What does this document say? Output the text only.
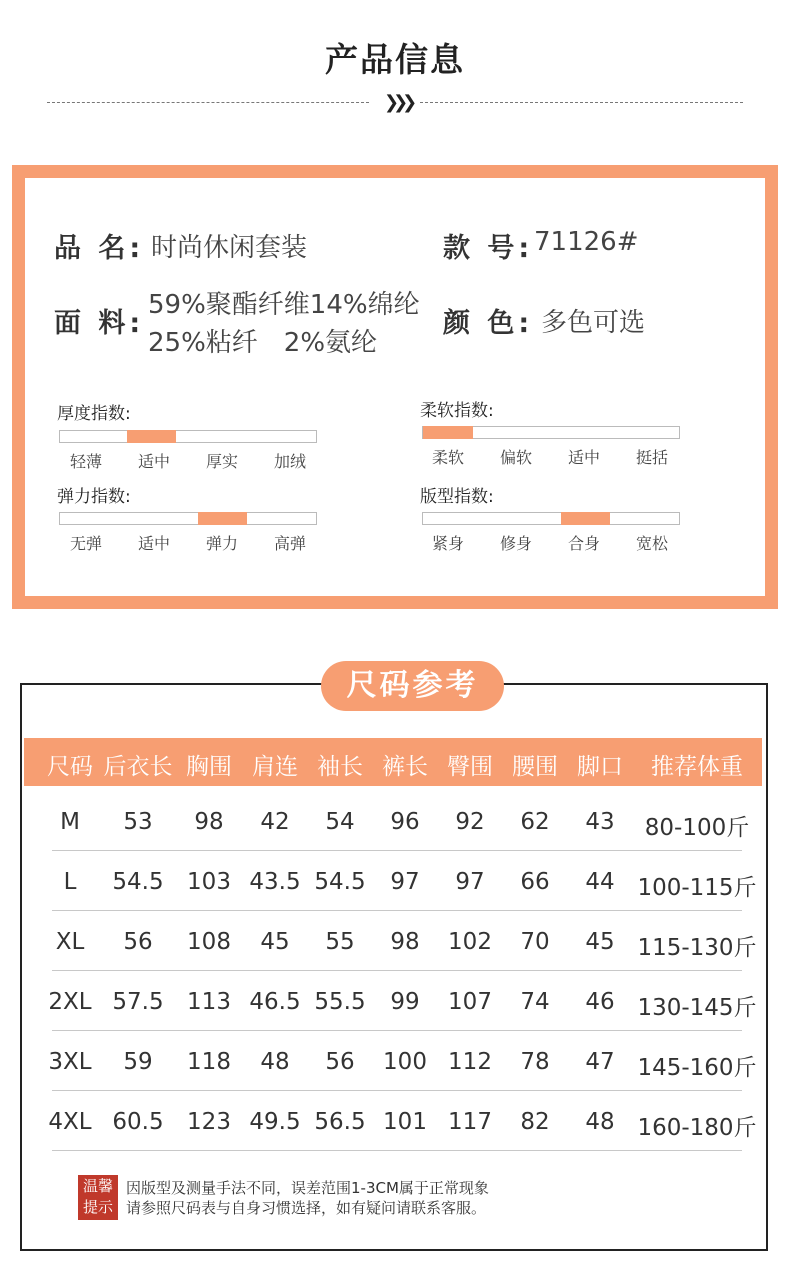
产品信息
❯❯❯
品 名: 时尚休闲套装	款 号: 71126#
面 料:
59%聚酯纤维14%绵纶
25%粘纤　2%氨纶
颜 色: 多色可选
厚度指数:
轻薄	适中	厚实	加绒
柔软指数:
柔软	偏软	适中	挺括
弹力指数:
无弹	适中	弹力	高弹
版型指数:
紧身	修身	合身	宽松
尺码参考
尺码 后衣长 胸围 肩连 袖长 裤长 臀围 腰围 脚口 推荐体重
M 53 98 42 54 96 92 62 43 80-100斤
L 54.5 103 43.5 54.5 97 97 66 44 100-115斤
XL 56 108 45 55 98 102 70 45 115-130斤
2XL 57.5 113 46.5 55.5 99 107 74 46 130-145斤
3XL 59 118 48 56 100 112 78 47 145-160斤
4XL 60.5 123 49.5 56.5 101 117 82 48 160-180斤
温馨
提示
因版型及测量手法不同，误差范围1-3CM属于正常现象
请参照尺码表与自身习惯选择，如有疑问请联系客服。
